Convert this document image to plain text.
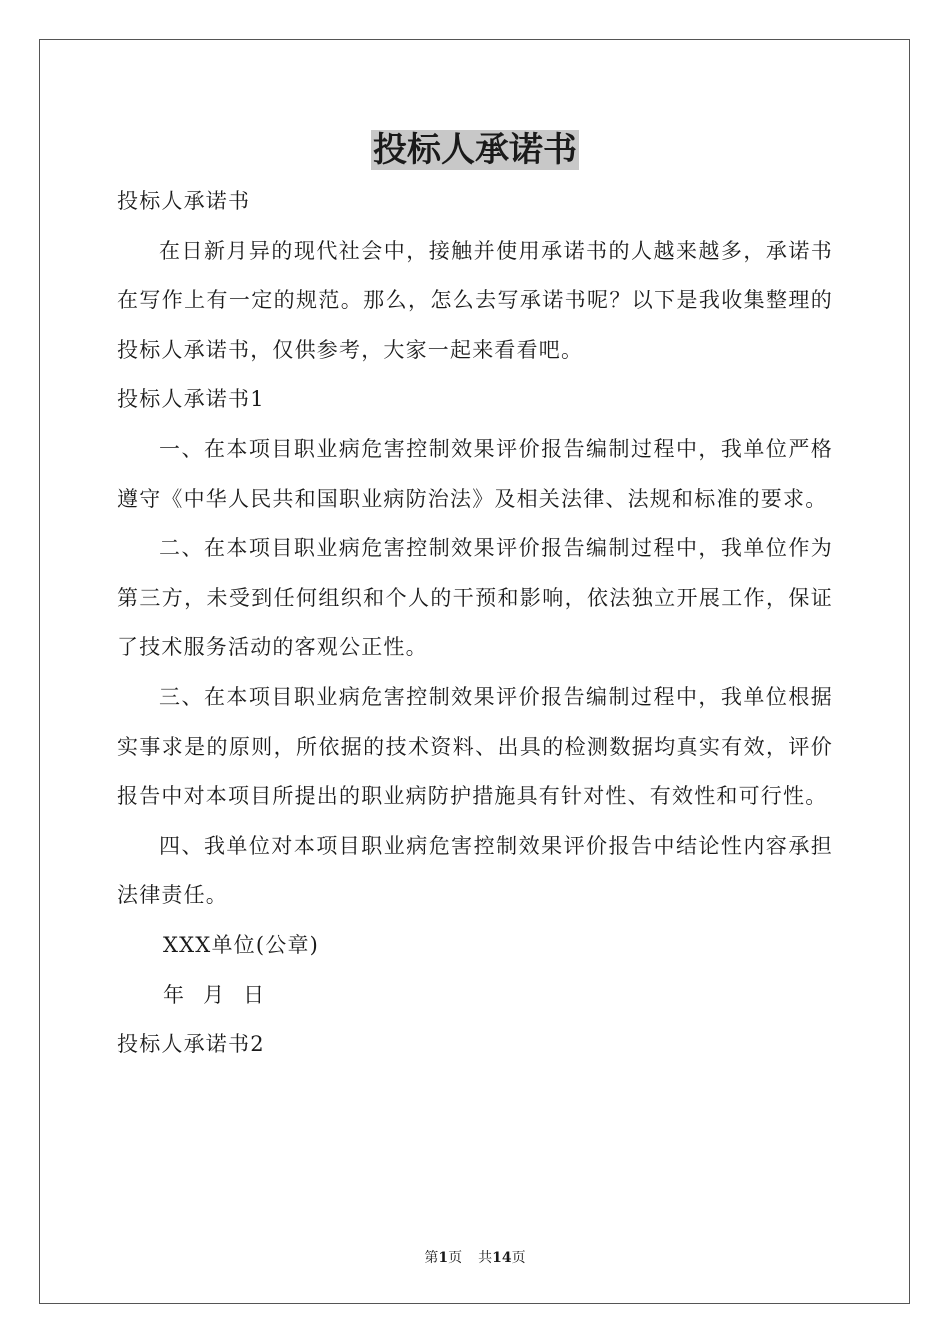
投标人承诺书

投标人承诺书

在日新月异的现代社会中，接触并使用承诺书的人越来越多，承诺书在写作上有一定的规范。那么，怎么去写承诺书呢？以下是我收集整理的投标人承诺书，仅供参考，大家一起来看看吧。

投标人承诺书1

一、在本项目职业病危害控制效果评价报告编制过程中，我单位严格遵守《中华人民共和国职业病防治法》及相关法律、法规和标准的要求。

二、在本项目职业病危害控制效果评价报告编制过程中，我单位作为第三方，未受到任何组织和个人的干预和影响，依法独立开展工作，保证了技术服务活动的客观公正性。

三、在本项目职业病危害控制效果评价报告编制过程中，我单位根据实事求是的原则，所依据的技术资料、出具的检测数据均真实有效，评价报告中对本项目所提出的职业病防护措施具有针对性、有效性和可行性。

四、我单位对本项目职业病危害控制效果评价报告中结论性内容承担法律责任。

XXX单位(公章)

年 月 日

投标人承诺书2

第1页 共14页
